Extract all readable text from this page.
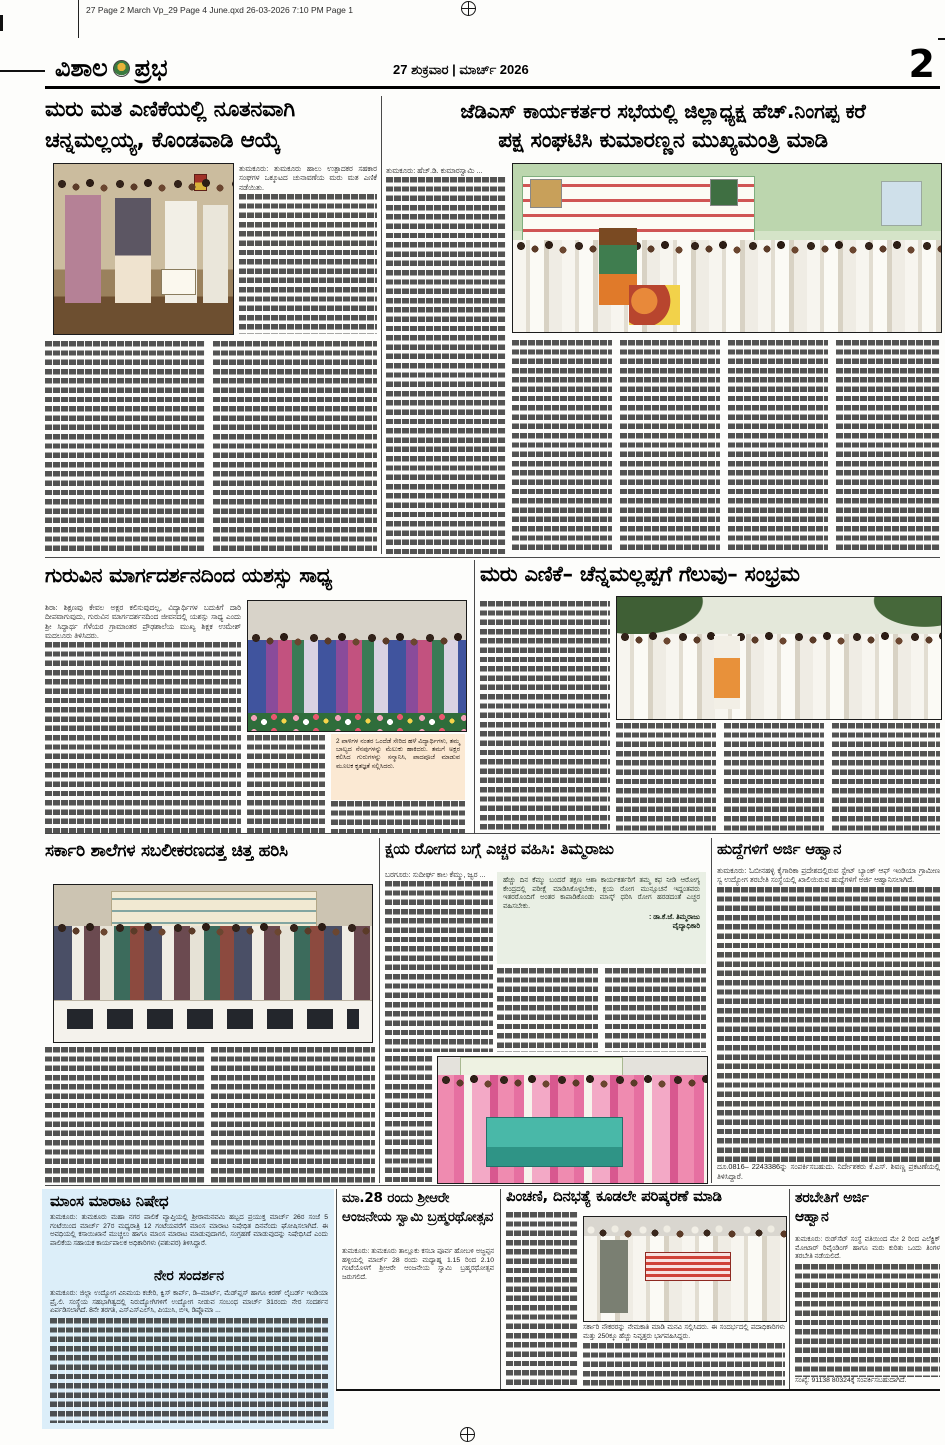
27 Page 2 March Vp_29 Page 4 June.qxd 26-03-2026 7:10 PM Page 1
ವಿಶಾಲ ಪ್ರಭ	27 ಶುಕ್ರವಾರ | ಮಾರ್ಚ್ 2026	2
ಮರು ಮತ ಎಣಿಕೆಯಲ್ಲಿ ನೂತನವಾಗಿ
ಚನ್ನಮಲ್ಲಯ್ಯ, ಕೊಂಡವಾಡಿ ಆಯ್ಕೆ

ತುಮಕೂರು: ತುಮಕೂರು ಹಾಲು ಉತ್ಪಾದಕರ ಸಹಕಾರ ಸಂಘಗಳ ಒಕ್ಕೂಟದ ಚುನಾವಣೆಯ ಮರು ಮತ ಎಣಿಕೆ ನಡೆಯಿತು.

ಜೆಡಿಎಸ್ ಕಾರ್ಯಕರ್ತರ ಸಭೆಯಲ್ಲಿ ಜಿಲ್ಲಾಧ್ಯಕ್ಷ ಹೆಚ್.ನಿಂಗಪ್ಪ ಕರೆ
ಪಕ್ಷ ಸಂಘಟಿಸಿ ಕುಮಾರಣ್ಣನ ಮುಖ್ಯಮಂತ್ರಿ ಮಾಡಿ

ತುಮಕೂರು: ಹೆಚ್.ಡಿ. ಕುಮಾರಸ್ವಾಮಿ ...

ಗುರುವಿನ ಮಾರ್ಗದರ್ಶನದಿಂದ ಯಶಸ್ಸು ಸಾಧ್ಯ

ಶಿರಾ: ಶಿಕ್ಷಣವು ಕೇವಲ ಅಕ್ಷರ ಕಲಿಸುವುದಲ್ಲ, ವಿದ್ಯಾರ್ಥಿಗಳ ಬದುಕಿಗೆ ದಾರಿ ದೀಪವಾಗುವುದು, ಗುರುವಿನ ಮಾರ್ಗದರ್ಶನದಿಂದ ಜೀವನದಲ್ಲಿ ಯಶಸ್ಸು ಸಾಧ್ಯ ಎಂದು ಶ್ರೀ ಸಿದ್ಧಾರ್ಥ ಗೆಳೆಯರ ಗ್ರಾಮಾಂತರ ಪ್ರೌಢಶಾಲೆಯ ಮುಖ್ಯ ಶಿಕ್ಷಕ ಉಮೇಶ್ ಮದಲೂರು ತಿಳಿಸಿದರು.

2 ಪಾಳಿಗಳ ನಂತರ ಒಂದೆಡೆ ಸೇರಿದ ಹಳೆ ವಿದ್ಯಾರ್ಥಿಗಳು, ತಮ್ಮ ಬಾಲ್ಯದ ನೆನಪುಗಳನ್ನು ಮೆಲುಕು ಹಾಕಿದರು. ತಮಗೆ ಅಕ್ಷರ ಕಲಿಸಿದ ಗುರುಗಳನ್ನು ಸನ್ಮಾನಿಸಿ, ಪಾದಪೂಜೆ ಮಾಡುವ ಮೂಲಕ ಕೃತಜ್ಞತೆ ಸಲ್ಲಿಸಿದರು.
ಮರು ಎಣಿಕೆ– ಚೆನ್ನಮಲ್ಲಪ್ಪಗೆ ಗೆಲುವು– ಸಂಭ್ರಮ
ಸರ್ಕಾರಿ ಶಾಲೆಗಳ ಸಬಲೀಕರಣದತ್ತ ಚಿತ್ತ ಹರಿಸಿ	ಕ್ಷಯ ರೋಗದ ಬಗ್ಗೆ ಎಚ್ಚರ ವಹಿಸಿ: ತಿಮ್ಮರಾಜು

ಬರಗೂರು: ಸುದೀರ್ಘ ಕಾಲ ಕೆಮ್ಮು, ಜ್ವರ ...

ಹೆಚ್ಚು ದಿನ ಕೆಮ್ಮು ಬಂದರೆ ತಕ್ಷಣ ಆಶಾ ಕಾರ್ಯಕರ್ತರಿಗೆ ತಮ್ಮ ಕಫ ನೀಡಿ ಆರೋಗ್ಯ ಕೇಂದ್ರದಲ್ಲಿ ಪರೀಕ್ಷೆ ಮಾಡಿಸಿಕೊಳ್ಳಬೇಕು, ಕ್ಷಯ ರೋಗ ಮುನ್ಸೂಚನೆ ಇದ್ದಂತವರು ಇತರರೊಂದಿಗೆ ಅಂತರ ಕಾಪಾಡಿಕೊಂಡು ಮಾಸ್ಕ್ ಧರಿಸಿ ರೋಗ ಹರಡದಂತೆ ಎಚ್ಚರ ವಹಿಸಬೇಕು.
: ಡಾ.ಕೆ.ಜೆ. ತಿಮ್ಮರಾಜು
ವೈದ್ಯಾಧಿಕಾರಿ
ಹುದ್ದೆಗಳಿಗೆ ಅರ್ಜಿ ಆಹ್ವಾನ

ತುಮಕೂರು: ಓಬೀನಹಳ್ಳಿ ಕೈಗಾರಿಕಾ ಪ್ರದೇಶದಲ್ಲಿರುವ ಸ್ಟೇಟ್ ಬ್ಯಾಂಕ್ ಆಫ್ ಇಂಡಿಯಾ ಗ್ರಾಮೀಣ ಸ್ವ ಉದ್ಯೋಗ ತರಬೇತಿ ಸಂಸ್ಥೆಯಲ್ಲಿ ಖಾಲಿಯಿರುವ ಹುದ್ದೆಗಳಿಗೆ ಅರ್ಜಿ ಆಹ್ವಾನಿಸಲಾಗಿದೆ.

ದೂ.0816– 2243386ನ್ನು ಸಂಪರ್ಕಿಸಬಹುದು. ನಿರ್ದೇಶಕರು ಕೆ.ಎಸ್. ಶಿವಣ್ಣ ಪ್ರಕಟಣೆಯಲ್ಲಿ ತಿಳಿಸಿದ್ದಾರೆ.

ಮಾಂಸ ಮಾರಾಟ ನಿಷೇಧ

ತುಮಕೂರು: ತುಮಕೂರು ಮಹಾ ನಗರ ಪಾಲಿಕೆ ವ್ಯಾಪ್ತಿಯಲ್ಲಿ ಶ್ರೀರಾಮನವಮಿ ಹಬ್ಬದ ಪ್ರಯುಕ್ತ ಮಾರ್ಚ್ 26ರ ಸಂಜೆ 5 ಗಂಟೆಯಿಂದ ಮಾರ್ಚ್ 27ರ ಮಧ್ಯರಾತ್ರಿ 12 ಗಂಟೆಯವರೆಗೆ ಮಾಂಸ ಮಾರಾಟ ನಿಷೇಧಿತ ದಿನವೆಂದು ಘೋಷಿಸಲಾಗಿದೆ. ಈ ಅವಧಿಯಲ್ಲಿ ಕಸಾಯಿಖಾನೆ ಮುಚ್ಚಲು ಹಾಗೂ ಮಾಂಸ ಮಾರಾಟ ಮಾಡುವುದಾಗಲಿ, ಸಂಗ್ರಹಣೆ ಮಾಡುವುದನ್ನು ನಿಷೇಧಿಸಿದೆ ಎಂದು ಪಾಲಿಕೆಯ ಸಹಾಯಕ ಕಾರ್ಯಪಾಲಕ ಅಧಿಕಾರಿಗಳು (ಪಶುಪರ) ತಿಳಿಸಿದ್ದಾರೆ.

ನೇರ ಸಂದರ್ಶನ

ತುಮಕೂರು: ಜಿಲ್ಲಾ ಉದ್ಯೋಗ ವಿನಿಮಯ ಕಚೇರಿ, ಕ್ವಿಸ್ ಕಾರ್ಪ್, ಡಿ–ಮಾರ್ಟ್, ಮೆಡ್‌ಪ್ಲಸ್ ಹಾಗೂ ಕಿರಣ್ ಲೈಬರ್ಡ್ ಇಂಡಿಯಾ ಪ್ರೈ.ಲಿ. ಸಂಸ್ಥೆಯ ಸಹಭಾಗಿತ್ವದಲ್ಲಿ ನಿರುದ್ಯೋಗಿಗಳಿಗೆ ಉದ್ಯೋಗ ನೀಡುವ ಸಂಬಂಧ ಮಾರ್ಚ್ 31ರಂದು ನೇರ ಸಂದರ್ಶನ ಏರ್ಪಡಿಸಲಾಗಿದೆ. 8ನೇ ತರಗತಿ, ಎಸ್‌ಎಸ್‌ಎಲ್‌ಸಿ, ಪಿಯುಸಿ, ಬಿಇ, ಡಿಪ್ಲೊಮಾ ...

ಮಾ.28 ರಂದು ಶ್ರೀಆರೇ ಆಂಜನೇಯ ಸ್ವಾಮಿ ಬ್ರಹ್ಮರಥೋತ್ಸವ

ತುಮಕೂರು: ತುಮಕೂರು ತಾಲ್ಲೂಕು ಕಸಬಾ ಪೂರ್ವ ಹೋಬಳಿ ಅಜ್ಜಪ್ಪನ ಹಳ್ಳಿಯಲ್ಲಿ ಮಾರ್ಚ್ 28 ರಂದು ಮಧ್ಯಾಹ್ನ 1.15 ರಿಂದ 2.10 ಗಂಟೆಯೊಳಗೆ ಶ್ರೀಆರೇ ಆಂಜನೇಯ ಸ್ವಾಮಿ ಬ್ರಹ್ಮರಥೋತ್ಸವ ಜರುಗಲಿದೆ.

ಪಿಂಚಣಿ, ದಿನಭತ್ಯೆ ಕೂಡಲೇ ಪರಿಷ್ಕರಣೆ ಮಾಡಿ

ಸರ್ಕಾರಿ ನೌಕರರನ್ನು ನೇಮಕಾತಿ ಮಾಡಿ ಮನವಿ ಸಲ್ಲಿಸಿದರು. ಈ ಸಂದರ್ಭದಲ್ಲಿ ಪದಾಧಿಕಾರಿಗಳು ಮತ್ತು 250ಕ್ಕೂ ಹೆಚ್ಚು ನಿವೃತ್ತರು ಭಾಗವಹಿಸಿದ್ದರು.

ತರಬೇತಿಗೆ ಅರ್ಜಿ
ಆಹ್ವಾನ

ತುಮಕೂರು: ರುಡ್‌ಸೆಟ್ ಸಂಸ್ಥೆ ವತಿಯಿಂದ ಮೇ 2 ರಿಂದ ಎಲೆಕ್ಟ್ರಿಕ್ ಮೋಟಾರ್ ರಿವೈಂಡಿಂಗ್ ಹಾಗೂ ಮರು ಕುರಿತು ಒಂದು ತಿಂಗಳ ತರಬೇತಿ ನಡೆಯಲಿದೆ.

ಸಂಖ್ಯೆ: 91138 80324ಕ್ಕೆ ಸಂಪರ್ಕಿಸಬಹುದಾಗಿದೆ.
